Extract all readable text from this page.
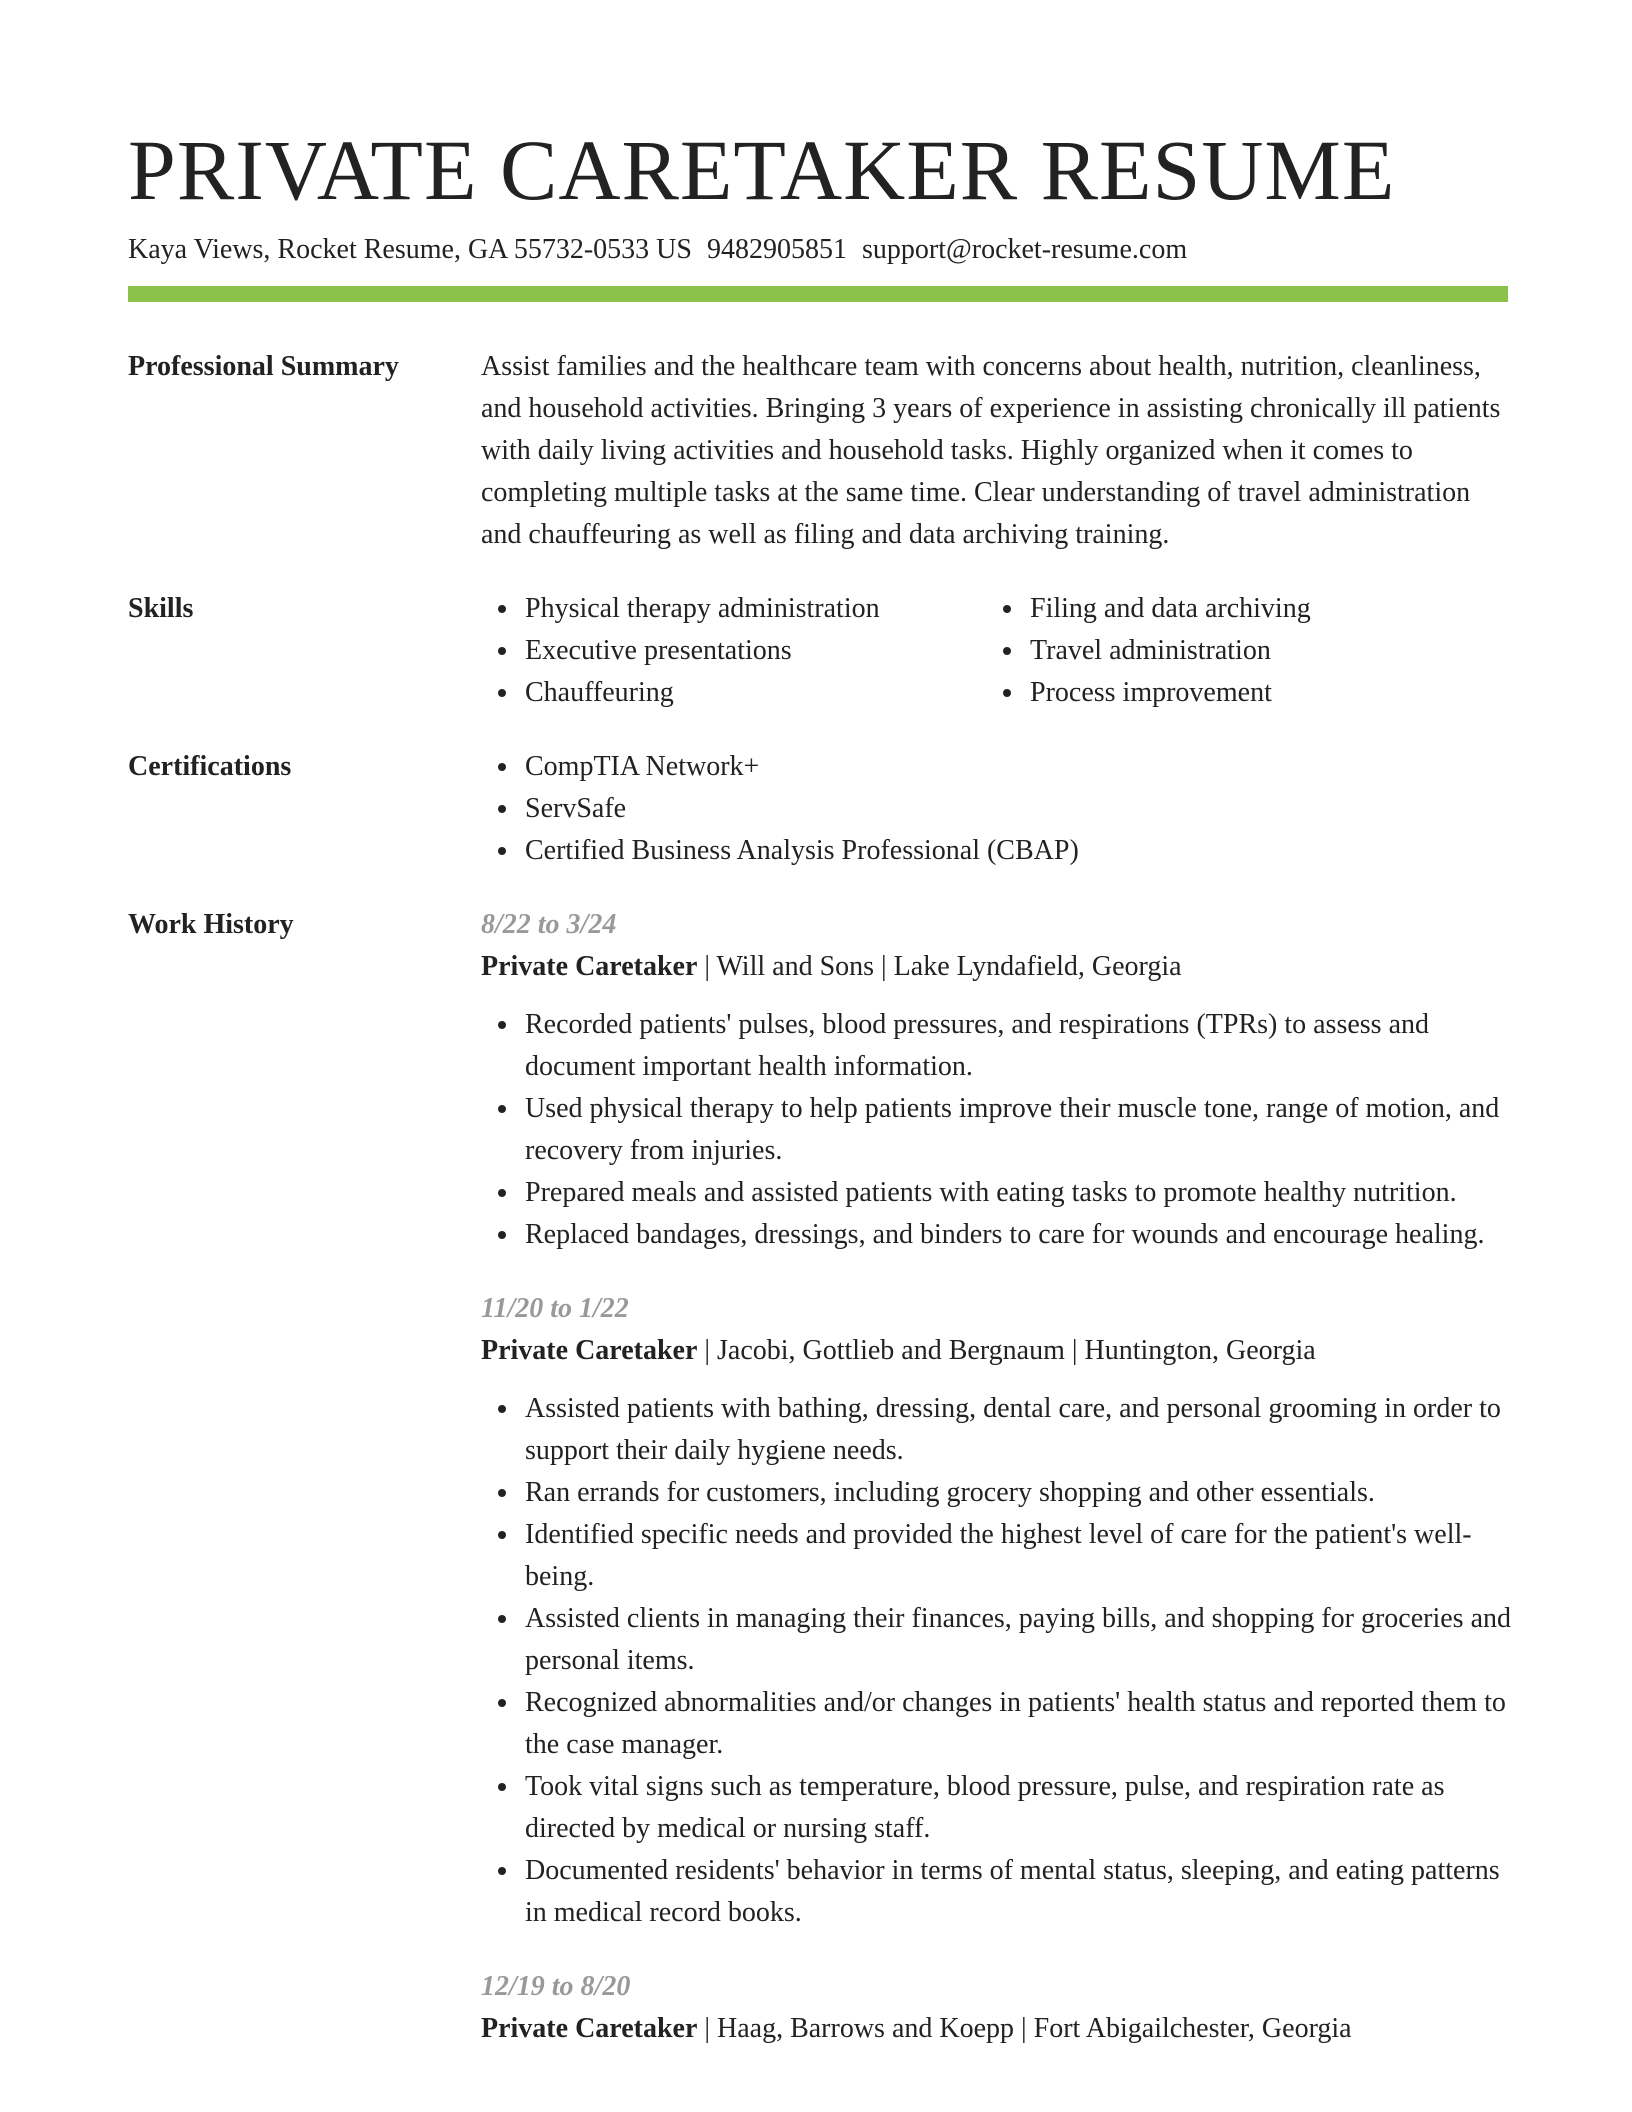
PRIVATE CARETAKER RESUME
Kaya Views, Rocket Resume, GA 55732-0533 US 9482905851 support@rocket-resume.com
Professional Summary	Assist families and the healthcare team with concerns about health, nutrition, cleanliness, and household activities. Bringing 3 years of experience in assisting chronically ill patients with daily living activities and household tasks. Highly organized when it comes to completing multiple tasks at the same time. Clear understanding of travel administration and chauffeuring as well as filing and data archiving training.

Skills	Physical therapy administration
Executive presentations
Chauffeuring
Filing and data archiving
Travel administration
Process improvement
Certifications	CompTIA Network+
ServSafe
Certified Business Analysis Professional (CBAP)
Work History	8/22 to 3/24
Private Caretaker | Will and Sons | Lake Lyndafield, Georgia
Recorded patients' pulses, blood pressures, and respirations (TPRs) to assess and document important health information.
Used physical therapy to help patients improve their muscle tone, range of motion, and recovery from injuries.
Prepared meals and assisted patients with eating tasks to promote healthy nutrition.
Replaced bandages, dressings, and binders to care for wounds and encourage healing.
11/20 to 1/22
Private Caretaker | Jacobi, Gottlieb and Bergnaum | Huntington, Georgia
Assisted patients with bathing, dressing, dental care, and personal grooming in order to support their daily hygiene needs.
Ran errands for customers, including grocery shopping and other essentials.
Identified specific needs and provided the highest level of care for the patient's well-being.
Assisted clients in managing their finances, paying bills, and shopping for groceries and personal items.
Recognized abnormalities and/or changes in patients' health status and reported them to the case manager.
Took vital signs such as temperature, blood pressure, pulse, and respiration rate as directed by medical or nursing staff.
Documented residents' behavior in terms of mental status, sleeping, and eating patterns in medical record books.
12/19 to 8/20
Private Caretaker | Haag, Barrows and Koepp | Fort Abigailchester, Georgia
